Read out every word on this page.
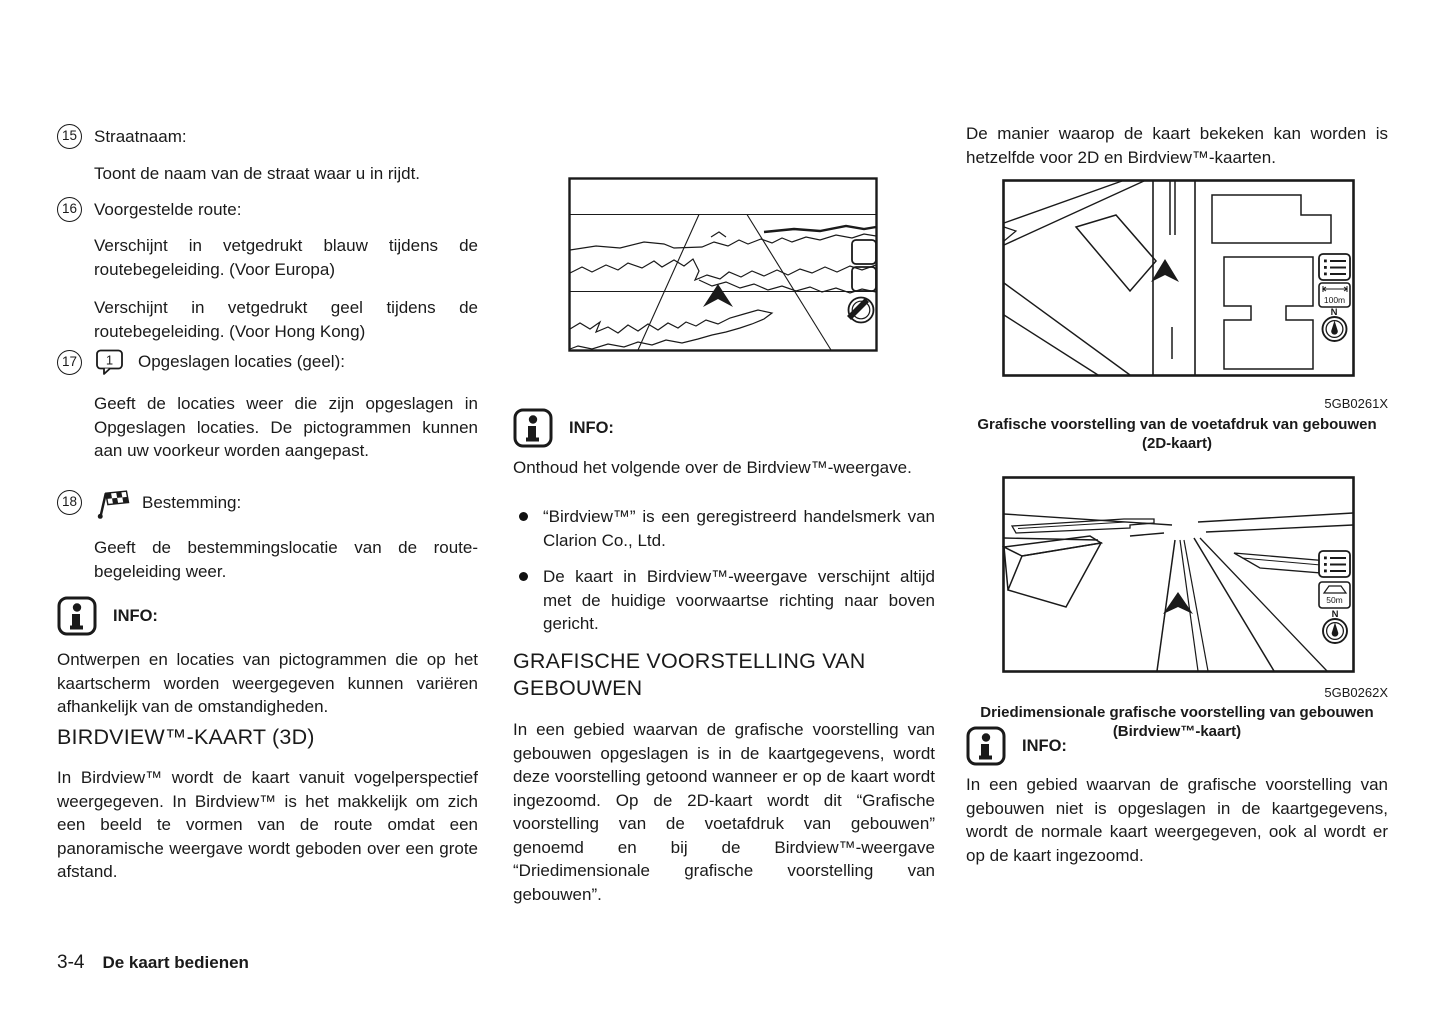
15 Straatnaam:

Toont de naam van de straat waar u in rijdt.

16 Voorgestelde route:

Verschijnt in vetgedrukt blauw tijdens de routebegeleiding. (Voor Europa)

Verschijnt in vetgedrukt geel tijdens de routebegeleiding. (Voor Hong Kong)

17	1 Opgeslagen locaties (geel):

Geeft de locaties weer die zijn opgeslagen in Opgeslagen locaties. De pictogrammen kunnen aan uw voorkeur worden aangepast.

18	Bestemming:

Geeft de bestemmingslocatie van de route-begeleiding weer.

INFO:

Ontwerpen en locaties van pictogrammen die op het kaartscherm worden weergegeven kunnen variëren afhankelijk van de omstandigheden.

BIRDVIEW™-KAART (3D)

In Birdview™ wordt de kaart vanuit vogelperspectief weergegeven. In Birdview™ is het makkelijk om zich een beeld te vormen van de route omdat een panoramische weergave wordt geboden over een grote afstand.

INFO:

Onthoud het volgende over de Birdview™-weergave.

“Birdview™” is een geregistreerd handelsmerk van Clarion Co., Ltd.

De kaart in Birdview™-weergave verschijnt altijd met de huidige voorwaartse richting naar boven gericht.

GRAFISCHE VOORSTELLING VAN GEBOUWEN

In een gebied waarvan de grafische voorstelling van gebouwen opgeslagen is in de kaartgegevens, wordt deze voorstelling getoond wanneer er op de kaart wordt ingezoomd. Op de 2D-kaart wordt dit “Grafische voorstelling van de voetafdruk van gebouwen” genoemd en bij de Birdview™-weergave “Driedimensionale grafische voorstelling van gebouwen”.

De manier waarop de kaart bekeken kan worden is hetzelfde voor 2D en Birdview™-kaarten.

100m
N
5GB0261X
Grafische voorstelling van de voetafdruk van gebouwen
(2D-kaart)
50m
N
5GB0262X
Driedimensionale grafische voorstelling van gebouwen
(Birdview™-kaart)
INFO:

In een gebied waarvan de grafische voorstelling van gebouwen niet is opgeslagen in de kaartgegevens, wordt de normale kaart weergegeven, ook al wordt er op de kaart ingezoomd.

3-4 De kaart bedienen
